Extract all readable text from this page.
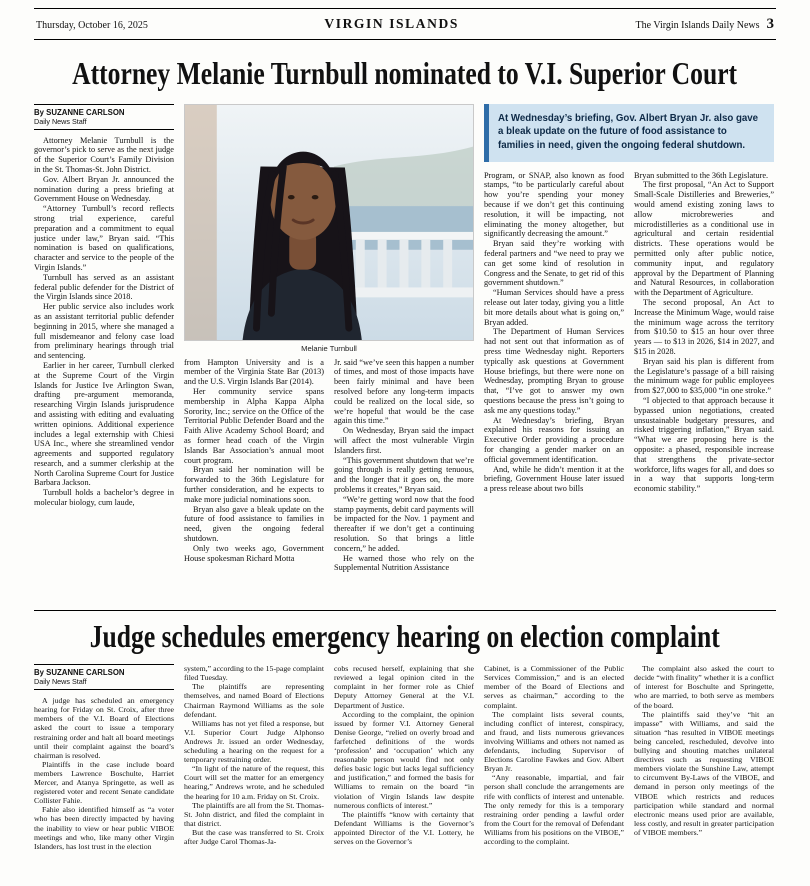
Thursday, October 16, 2025	VIRGIN ISLANDS	The Virgin Islands Daily News 3
Attorney Melanie Turnbull nominated to V.I. Superior Court
By SUZANNE CARLSON
Daily News Staff

Attorney Melanie Turnbull is the governor’s pick to serve as the next judge of the Superior Court’s Family Division in the St. Thomas-St. John District.

Gov. Albert Bryan Jr. announced the nomination during a press briefing at Government House on Wednesday.

“Attorney Turnbull’s record reflects strong trial experience, careful preparation and a commitment to equal justice under law,” Bryan said. “This nomination is based on qualifications, character and service to the people of the Virgin Islands.”

Turnbull has served as an assistant federal public defender for the District of the Virgin Islands since 2018.

Her public service also includes work as an assistant territorial public defender beginning in 2015, where she managed a full misdemeanor and felony case load from preliminary hearings through trial and sentencing.

Earlier in her career, Turnbull clerked at the Supreme Court of the Virgin Islands for Justice Ive Arlington Swan, drafting pre-argument memoranda, researching Virgin Islands jurisprudence and assisting with editing and evaluating written opinions. Additional experience includes a legal externship with Chiesi USA Inc., where she streamlined vendor agreements and supported regulatory research, and a summer clerkship at the North Carolina Supreme Court for Justice Barbara Jackson.

Turnbull holds a bachelor’s degree in molecular biology, cum laude,

Melanie Turnbull

from Hampton University and is a member of the Virginia State Bar (2013) and the U.S. Virgin Islands Bar (2014).

Her community service spans membership in Alpha Kappa Alpha Sorority, Inc.; service on the Office of the Territorial Public Defender Board and the Faith Alive Academy School Board; and as former head coach of the Virgin Islands Bar Association’s annual moot court program.

Bryan said her nomination will be forwarded to the 36th Legislature for further consideration, and he expects to make more judicial nominations soon.

Bryan also gave a bleak update on the future of food assistance to families in need, given the ongoing federal shutdown.

Only two weeks ago, Government House spokesman Richard Motta

Jr. said “we’ve seen this happen a number of times, and most of those impacts have been fairly minimal and have been resolved before any long-term impacts could be realized on the local side, so we’re hopeful that would be the case again this time.”

On Wednesday, Bryan said the impact will affect the most vulnerable Virgin Islanders first.

“This government shutdown that we’re going through is really getting tenuous, and the longer that it goes on, the more problems it creates,” Bryan said.

“We’re getting word now that the food stamp payments, debit card payments will be impacted for the Nov. 1 payment and thereafter if we don’t get a continuing resolution. So that brings a little concern,” he added.

He warned those who rely on the Supplemental Nutrition Assistance

At Wednesday’s briefing, Gov. Albert Bryan Jr. also gave a bleak update on the future of food assistance to families in need, given the ongoing federal shutdown.

Program, or SNAP, also known as food stamps, “to be particularly careful about how you’re spending your money because if we don’t get this continuing resolution, it will be impacting, not eliminating the money altogether, but significantly decreasing the amount.”

Bryan said they’re working with federal partners and “we need to pray we can get some kind of resolution in Congress and the Senate, to get rid of this government shutdown.”

“Human Services should have a press release out later today, giving you a little bit more details about what is going on,” Bryan added.

The Department of Human Services had not sent out that information as of press time Wednesday night. Reporters typically ask questions at Government House briefings, but there were none on Wednesday, prompting Bryan to grouse that, “I’ve got to answer my own questions because the press isn’t going to ask me any questions today.”

At Wednesday’s briefing, Bryan explained his reasons for issuing an Executive Order providing a procedure for changing a gender marker on an official government identification.

And, while he didn’t mention it at the briefing, Government House later issued a press release about two bills

Bryan submitted to the 36th Legislature.

The first proposal, “An Act to Support Small-Scale Distilleries and Breweries,” would amend existing zoning laws to allow microbreweries and microdistilleries as a conditional use in agricultural and certain residential districts. These operations would be permitted only after public notice, community input, and regulatory approval by the Department of Planning and Natural Resources, in collaboration with the Department of Agriculture.

The second proposal, An Act to Increase the Minimum Wage, would raise the minimum wage across the territory from $10.50 to $15 an hour over three years — to $13 in 2026, $14 in 2027, and $15 in 2028.

Bryan said his plan is different from the Legislature’s passage of a bill raising the minimum wage for public employees from $27,000 to $35,000 “in one stroke.”

“I objected to that approach because it bypassed union negotiations, created unsustainable budgetary pressures, and risked triggering inflation,” Bryan said. “What we are proposing here is the opposite: a phased, responsible increase that strengthens the private-sector workforce, lifts wages for all, and does so in a way that supports long-term economic stability.”

Judge schedules emergency hearing on election complaint
By SUZANNE CARLSON
Daily News Staff

A judge has scheduled an emergency hearing for Friday on St. Croix, after three members of the V.I. Board of Elections asked the court to issue a temporary restraining order and halt all board meetings until their complaint against the board’s chairman is resolved.

Plaintiffs in the case include board members Lawrence Boschulte, Harriet Mercer, and Atanya Springette, as well as registered voter and recent Senate candidate Collister Fahie.

Fahie also identified himself as “a voter who has been directly impacted by having the inability to view or hear public VIBOE meetings and who, like many other Virgin Islanders, has lost trust in the election

system,” according to the 15-page complaint filed Tuesday.

The plaintiffs are representing themselves, and named Board of Elections Chairman Raymond Williams as the sole defendant.

Williams has not yet filed a response, but V.I. Superior Court Judge Alphonso Andrews Jr. issued an order Wednesday, scheduling a hearing on the request for a temporary restraining order.

“In light of the nature of the request, this Court will set the matter for an emergency hearing,” Andrews wrote, and he scheduled the hearing for 10 a.m. Friday on St. Croix.

The plaintiffs are all from the St. Thomas-St. John district, and filed the complaint in that district.

But the case was transferred to St. Croix after Judge Carol Thomas-Ja-

cobs recused herself, explaining that she reviewed a legal opinion cited in the complaint in her former role as Chief Deputy Attorney General at the V.I. Department of Justice.

According to the complaint, the opinion issued by former V.I. Attorney General Denise George, “relied on overly broad and farfetched definitions of the words ‘profession’ and ‘occupation’ which any reasonable person would find not only defies basic logic but lacks legal sufficiency and justification,” and formed the basis for Williams to remain on the board “in violation of Virgin Islands law despite numerous conflicts of interest.”

The plaintiffs “know with certainty that Defendant Williams is the Governor’s appointed Director of the V.I. Lottery, he serves on the Governor’s

Cabinet, is a Commissioner of the Public Services Commission,” and is an elected member of the Board of Elections and serves as chairman,” according to the complaint.

The complaint lists several counts, including conflict of interest, conspiracy, and fraud, and lists numerous grievances involving Williams and others not named as defendants, including Supervisor of Elections Caroline Fawkes and Gov. Albert Bryan Jr.

“Any reasonable, impartial, and fair person shall conclude the arrangements are rife with conflicts of interest and untenable. The only remedy for this is a temporary restraining order pending a lawful order from the Court for the removal of Defendant Williams from his positions on the VIBOE,” according to the complaint.

The complaint also asked the court to decide “with finality” whether it is a conflict of interest for Boschulte and Springette, who are married, to both serve as members of the board.

The plaintiffs said they’ve “hit an impasse” with Williams, and said the situation “has resulted in VIBOE meetings being canceled, rescheduled, devolve into bullying and shouting matches unilateral directives such as requesting VIBOE members violate the Sunshine Law, attempt to circumvent By-Laws of the VIBOE, and demand in person only meetings of the VIBOE which restricts and reduces participation while standard and normal electronic means used prior are available, less costly, and result in greater participation of VIBOE members.”
